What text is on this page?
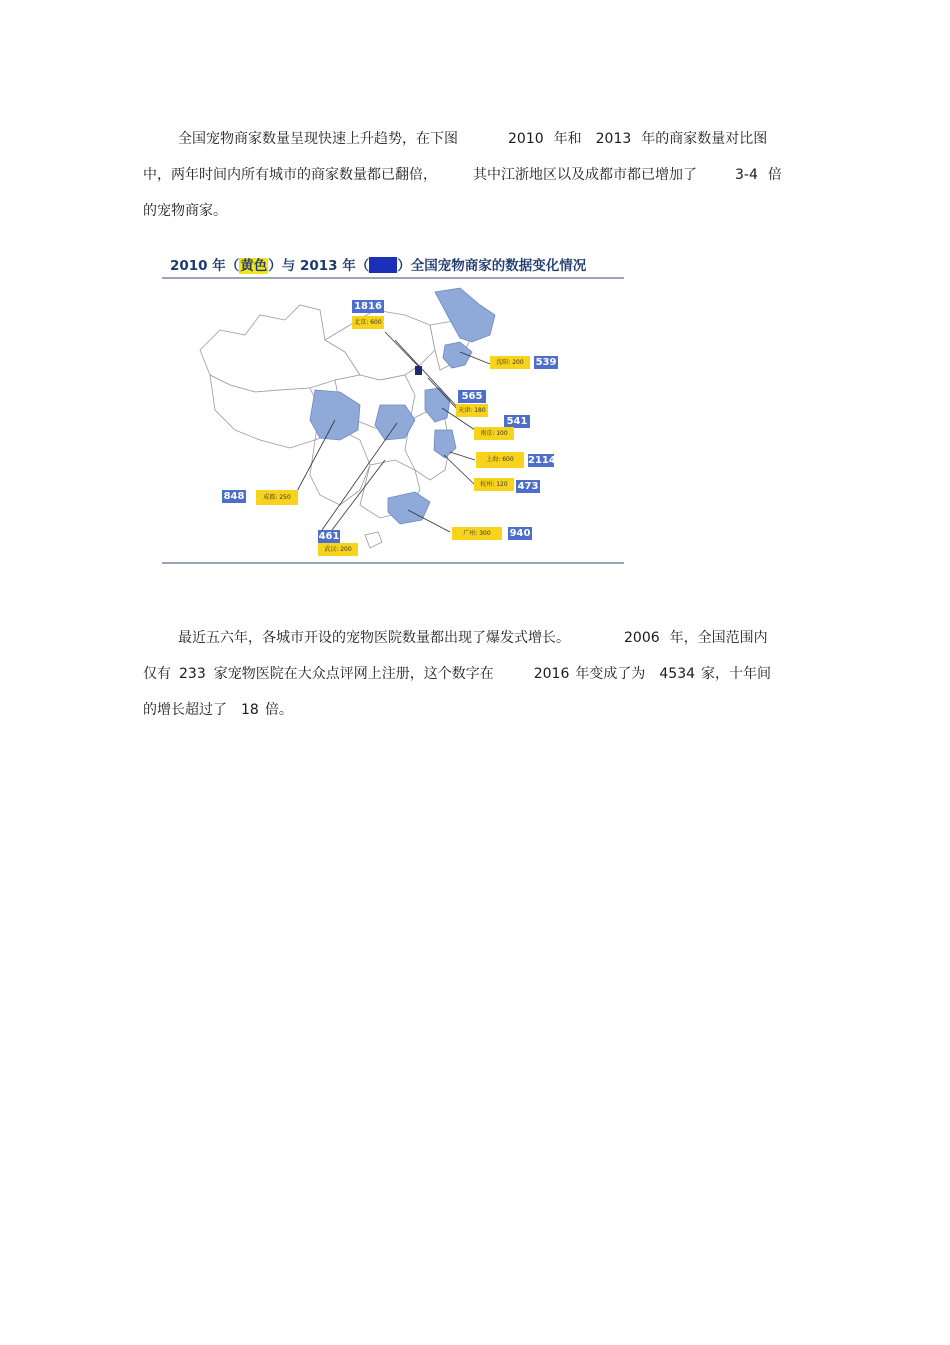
全国宠物商家数量呈现快速上升趋势，在下图	2010 年和 2013 年的商家数量对比图
中，两年时间内所有城市的商家数量都已翻倍，	其中江浙地区以及成都市都已增加了	3-4 倍
的宠物商家。
2010 年（黄色）与 2013 年（ ）全国宠物商家的数据变化情况
1816
北京: 600
沈阳: 200	539
565
天津: 180
541
南京: 100
上海: 600	2114
杭州: 120 473
848	成都: 250
461
武汉: 200
广州: 300	940
最近五六年，各城市开设的宠物医院数量都出现了爆发式增长。	2006 年，全国范围内
仅有 233 家宠物医院在大众点评网上注册，这个数字在	2016 年变成了为 4534 家，十年间
的增长超过了 18 倍。
